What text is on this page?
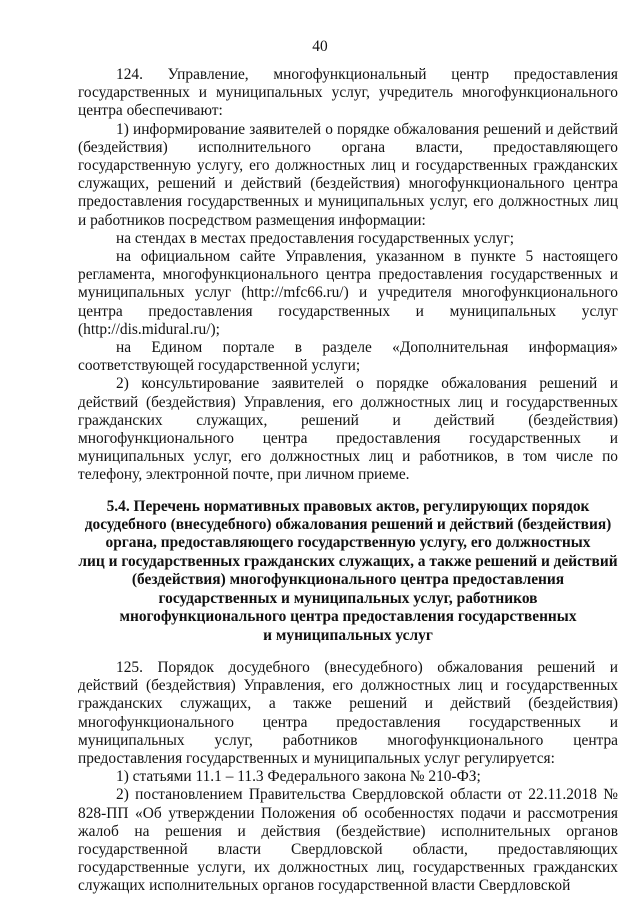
40

124. Управление, многофункциональный центр предоставления государственных и муниципальных услуг, учредитель многофункционального центра обеспечивают:

1) информирование заявителей о порядке обжалования решений и действий (бездействия) исполнительного органа власти, предоставляющего государственную услугу, его должностных лиц и государственных гражданских служащих, решений и действий (бездействия) многофункционального центра предоставления государственных и муниципальных услуг, его должностных лиц и работников посредством размещения информации:

на стендах в местах предоставления государственных услуг;

на официальном сайте Управления, указанном в пункте 5 настоящего регламента, многофункционального центра предоставления государственных и муниципальных услуг (http://mfc66.ru/) и учредителя многофункционального центра предоставления государственных и муниципальных услуг (http://dis.midural.ru/);

на Едином портале в разделе «Дополнительная информация» соответствующей государственной услуги;

2) консультирование заявителей о порядке обжалования решений и действий (бездействия) Управления, его должностных лиц и государственных гражданских служащих, решений и действий (бездействия) многофункционального центра предоставления государственных и муниципальных услуг, его должностных лиц и работников, в том числе по телефону, электронной почте, при личном приеме.

5.4. Перечень нормативных правовых актов, регулирующих порядок
досудебного (внесудебного) обжалования решений и действий (бездействия)
органа, предоставляющего государственную услугу, его должностных
лиц и государственных гражданских служащих, а также решений и действий
(бездействия) многофункционального центра предоставления
государственных и муниципальных услуг, работников
многофункционального центра предоставления государственных
и муниципальных услуг

125. Порядок досудебного (внесудебного) обжалования решений и действий (бездействия) Управления, его должностных лиц и государственных гражданских служащих, а также решений и действий (бездействия) многофункционального центра предоставления государственных и муниципальных услуг, работников многофункционального центра предоставления государственных и муниципальных услуг регулируется:

1) статьями 11.1 – 11.3 Федерального закона № 210-ФЗ;

2) постановлением Правительства Свердловской области от 22.11.2018 № 828-ПП «Об утверждении Положения об особенностях подачи и рассмотрения жалоб на решения и действия (бездействие) исполнительных органов государственной власти Свердловской области, предоставляющих государственные услуги, их должностных лиц, государственных гражданских служащих исполнительных органов государственной власти Свердловской
